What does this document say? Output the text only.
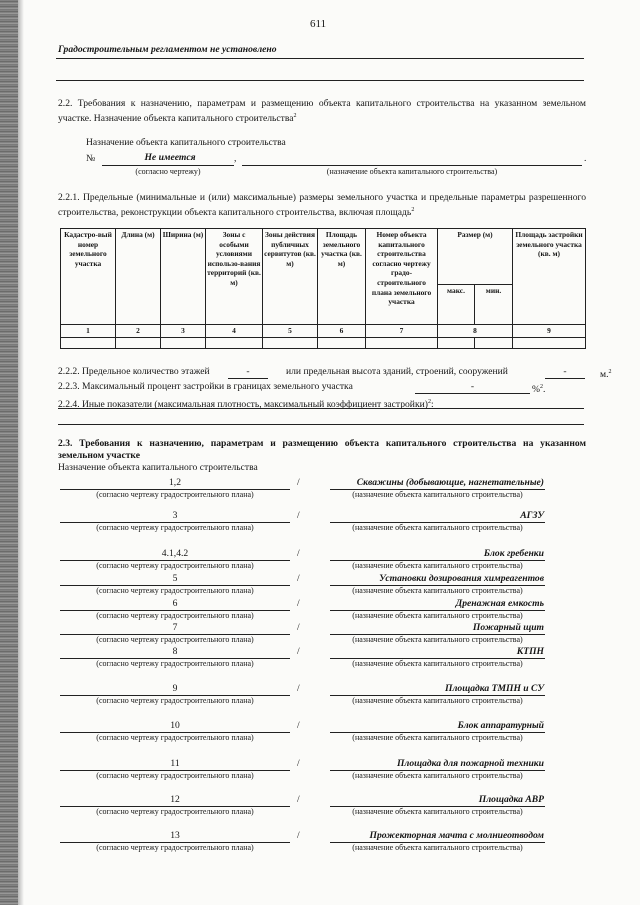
611
Градостроительным регламентом не установлено
2.2. Требования к назначению, параметрам и размещению объекта капитального строительства на указанном земельном участке. Назначение объекта капитального строительства$^2$
Назначение объекта капитального строительства
№	Не имеется	,	.
(согласно чертежу)	(назначение объекта капитального строительства)
2.2.1. Предельные (минимальные и (или) максимальные) размеры земельного участка и предельные параметры разрешенного строительства, реконструкции объекта капитального строительства, включая площадь$^2$
Кадастро-вый номер земельного участка	Длина (м)	Ширина (м)	Зоны с особыми условиями использо-вания территорий (кв. м)	Зоны действия публичных сервитутов (кв. м)	Площадь земельного участка (кв. м)	Номер объекта капитального строительства согласно чертежу градо-строительного плана земельного участка	Размер (м)		Площадь застройки земельного участка (кв. м)
							макс.	мин.	
1	2	3	4	5	6	7	8		9

2.2.2. Предельное количество этажей	-	или предельная высота зданий, строений, сооружений	-	м.$^2$
2.2.3. Максимальный процент застройки в границах земельного участка	-	%$^2$.
2.2.4. Иные показатели (максимальная плотность, максимальный коэффициент застройки)$^2$:
2.3. Требования к назначению, параметрам и размещению объекта капитального строительства на указанном земельном участке
Назначение объекта капитального строительства
1,2	/	Скважины (добывающие, нагнетательные)
(согласно чертежу градостроительного плана)	(назначение объекта капитального строительства)
3	/	АГЗУ
(согласно чертежу градостроительного плана)	(назначение объекта капитального строительства)
4.1,4.2	/	Блок гребенки
(согласно чертежу градостроительного плана)	(назначение объекта капитального строительства)
5	/	Установки дозирования химреагентов
(согласно чертежу градостроительного плана)	(назначение объекта капитального строительства)
6	/	Дренажная емкость
(согласно чертежу градостроительного плана)	(назначение объекта капитального строительства)
7	/	Пожарный щит
(согласно чертежу градостроительного плана)	(назначение объекта капитального строительства)
8	/	КТПН
(согласно чертежу градостроительного плана)	(назначение объекта капитального строительства)
9	/	Площадка ТМПН и СУ
(согласно чертежу градостроительного плана)	(назначение объекта капитального строительства)
10	/	Блок аппаратурный
(согласно чертежу градостроительного плана)	(назначение объекта капитального строительства)
11	/	Площадка для пожарной техники
(согласно чертежу градостроительного плана)	(назначение объекта капитального строительства)
12	/	Площадка АВР
(согласно чертежу градостроительного плана)	(назначение объекта капитального строительства)
13	/	Прожекторная мачта с молниеотводом
(согласно чертежу градостроительного плана)	(назначение объекта капитального строительства)
